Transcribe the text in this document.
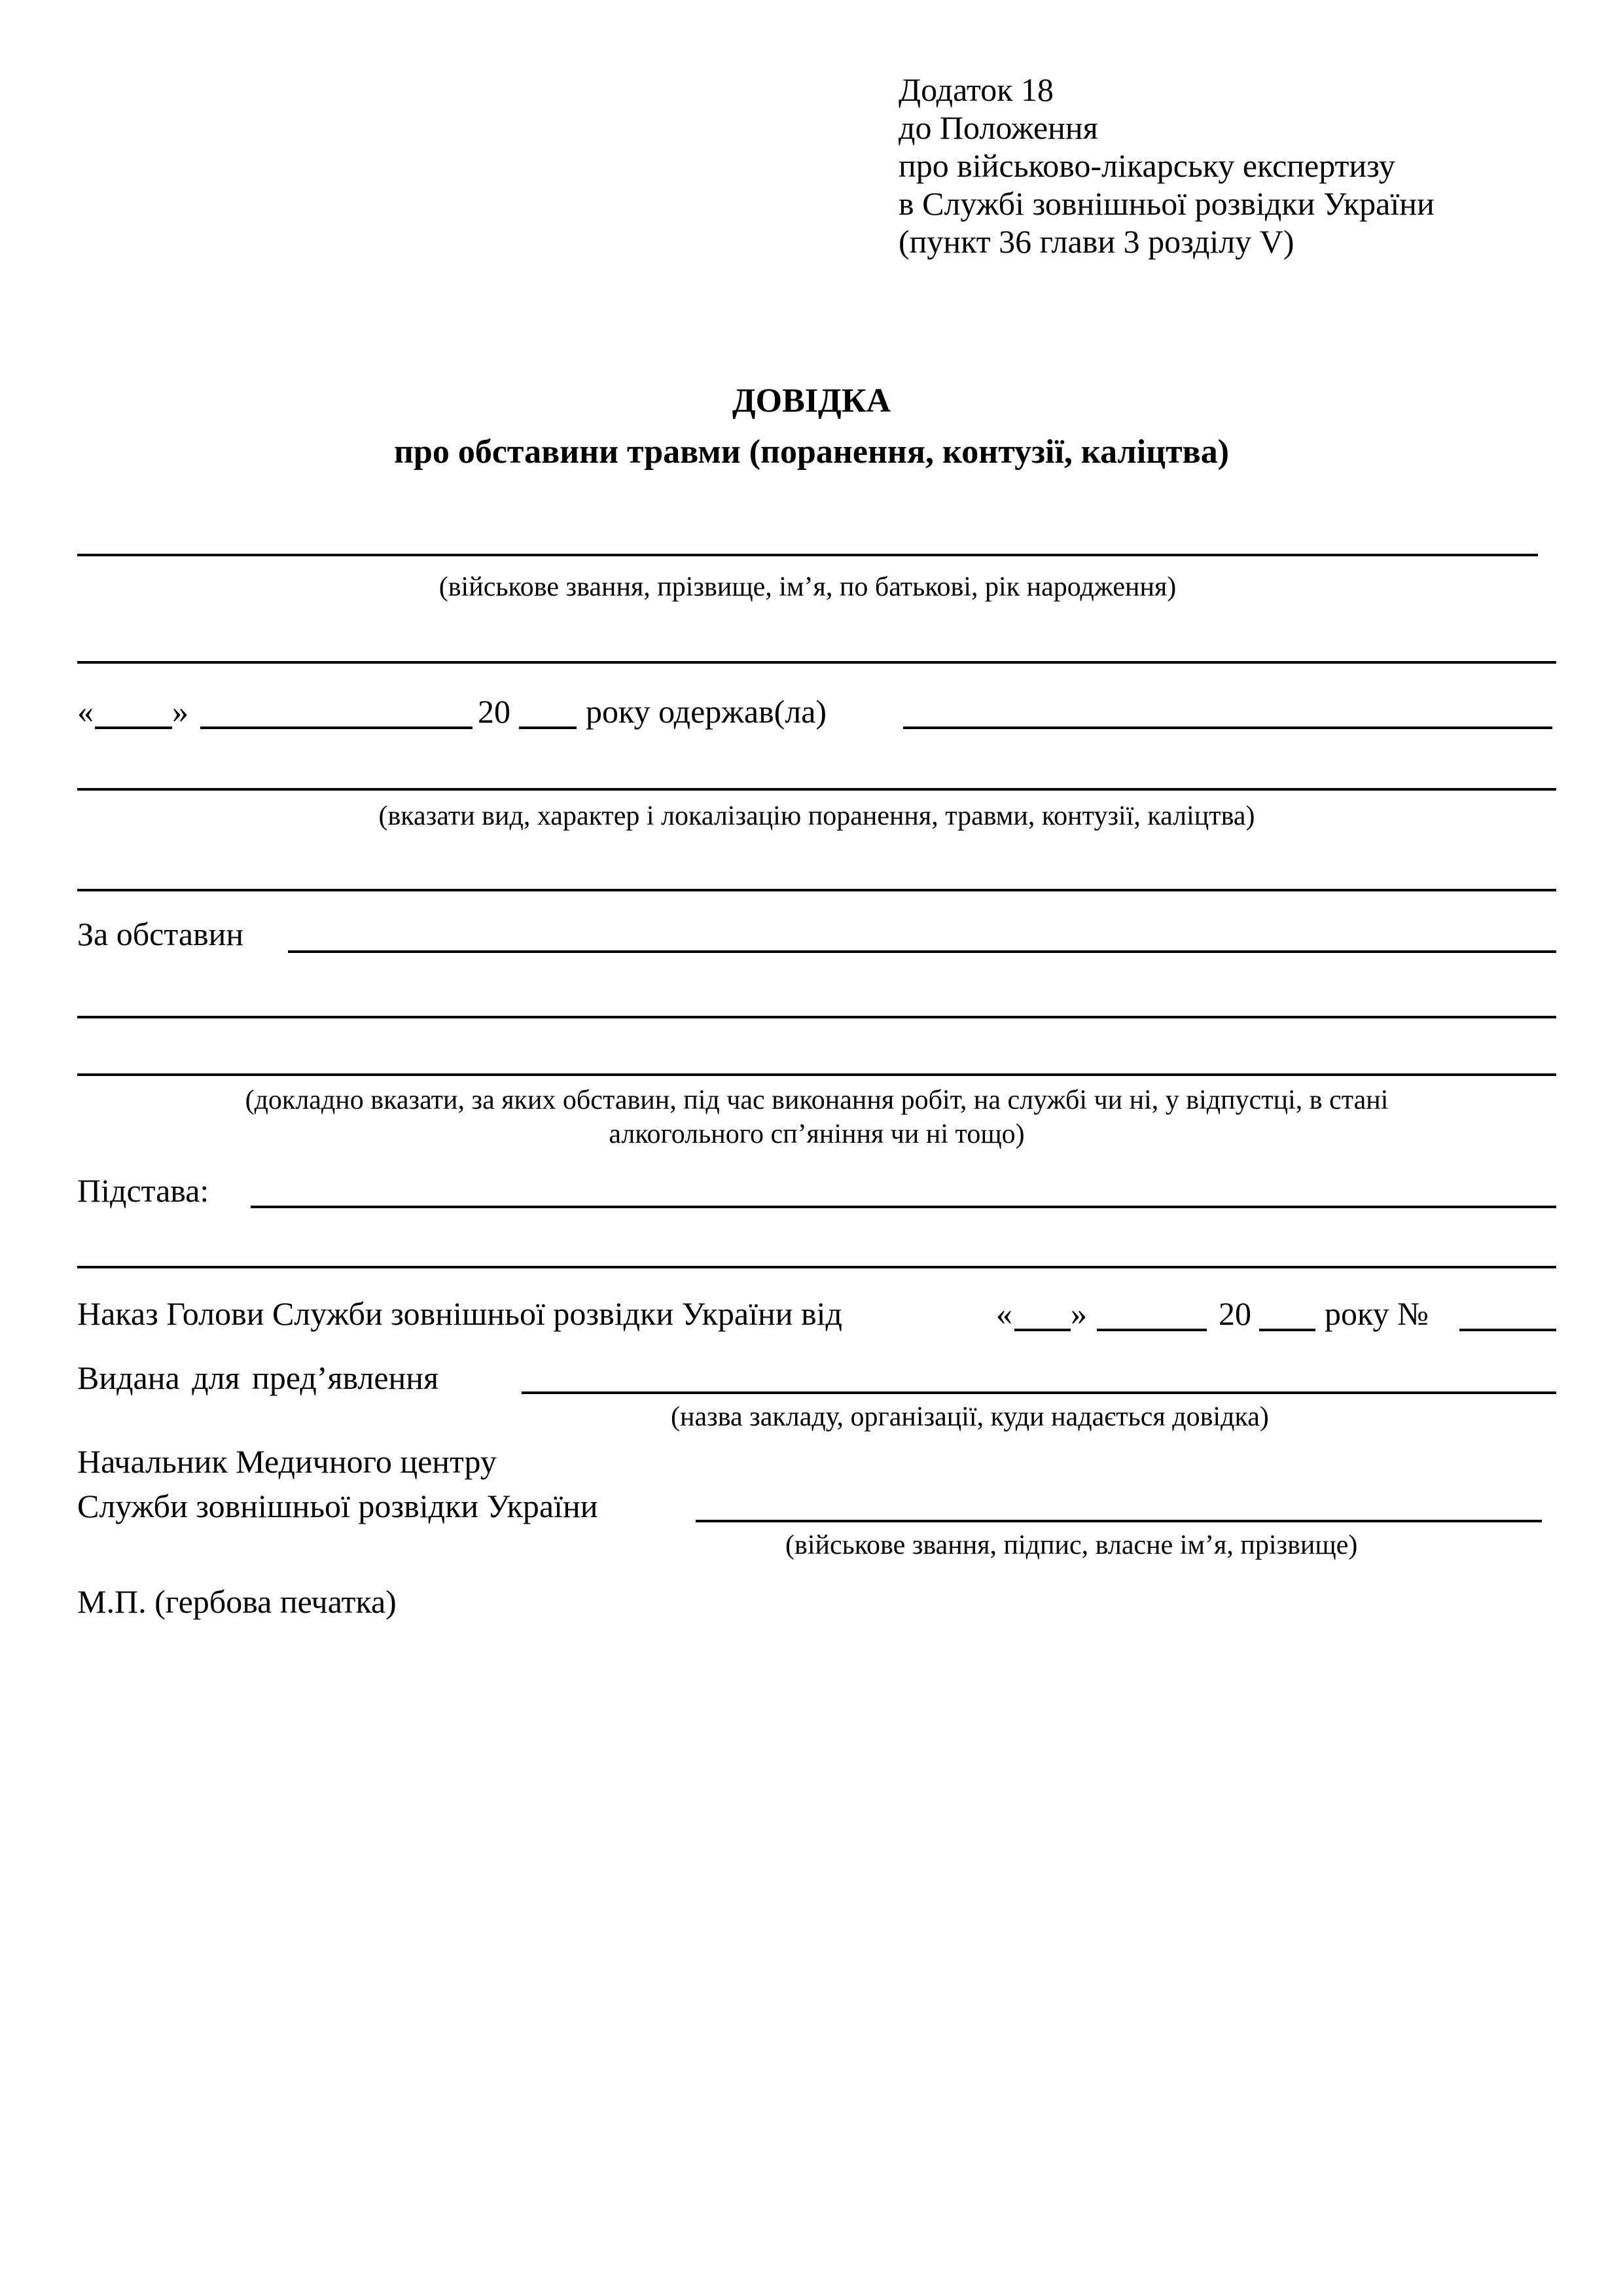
Додаток 18
до Положення
про військово-лікарську експертизу
в Службі зовнішньої розвідки України
(пункт 36 глави 3 розділу V)
ДОВІДКА
про обставини травми (поранення, контузії, каліцтва)
(військове звання, прізвище, ім’я, по батькові, рік народження)
« »	20 року одержав(ла)
(вказати вид, характер і локалізацію поранення, травми, контузії, каліцтва)
За обставин
(докладно вказати, за яких обставин, під час виконання робіт, на службі чи ні, у відпустці, в стані
алкогольного сп’яніння чи ні тощо)
Підстава:
Наказ Голови Служби зовнішньої розвідки України від	« »	20 року №
Видана для пред’явлення
(назва закладу, організації, куди надається довідка)
Начальник Медичного центру
Служби зовнішньої розвідки України
(військове звання, підпис, власне ім’я, прізвище)
М.П. (гербова печатка)
